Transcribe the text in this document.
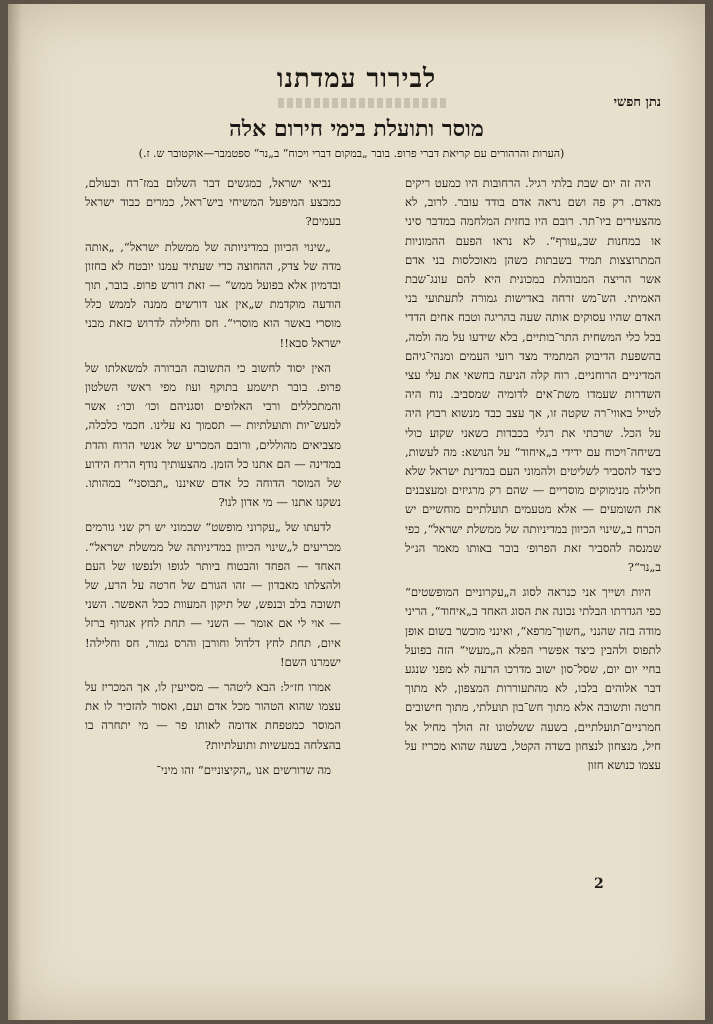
לבירור עמדתנו
נתן חפשי
מוסר ותועלת בימי חירום אלה
(הערות והרהורים עם קריאת דברי פרופ. בובר „במקום דברי ויכוח“ ב„נר“ ספטמבר—אוקטובר ש. ז.)

היה זה יום שבת בלתי רגיל. הרחובות היו כמעט ריקים מאדם. רק פה ושם נראה אדם בודד עובר. לרוב, לא מהצעירים ביו־תר. רובם היו בחזית המלחמה במדבר סיני או במחנות שב„עורף“. לא נראו הפעם ההמוניות המתרוצצות תמיד בשבתות כשהן מאוכלסות בני אדם אשר הריצה המבוהלת במכונית היא להם עונג־שבת האמיתי. הש־מש זרחה באדישות גמורה לתעתועי בני האדם שהיו עסוקים אותה שעה בהריגה וטבח אחים הדדי בכל כלי המשחית התר־בותיים, בלא שידעו על מה ולמה, בהשפעת הדיבוק המתמיד מצד רועי העמים ומנהי־גיהם המדיניים הרוחניים. רוח קלה הניעה בחשאי את עלי עצי השדרות שעמדו משת־אים לדומיה שמסביב. נוח היה לטייל באווי־רה שקטה זו, אך עצב כבד מנשוא רבוץ היה על הכל. שרכתי את רגלי בכבדות כשאני שקוע כולי בשיחה־ויכוח עם ידידי ב„איחוד“ על הנושא: מה לעשות, כיצד להסביר לשליטים ולהמוני העם במדינת ישראל שלא חלילה מנימוקים מוסריים — שהם רק מרגיזים ומעצבנים את השומעים — אלא מטעמים תועלתיים מוחשיים יש הכרח ב„שינוי הכיוון במדיניותה של ממשלת ישראל“, כפי שמנסה להסביר זאת הפרופ׳ בובר באותו מאמר הנ״ל ב„נר“?

היות ושייך אני כנראה לסוג ה„עקרוניים המופשטים“ כפי הגדרתו הבלתי נכונה את הסוג האחד ב„איחוד“, הריני מודה בזה שהנני „חשוך־מרפא“, ואינני מוכשר בשום אופן לתפוס ולהבין כיצד אפשרי הפלא ה„מעשי“ הזה בפועל בחיי יום יום, שסל־סון ישוב מדרכו הרעה לא מפני שנגע דבר אלוהים בלבו, לא מהתעוררות המצפון, לא מתוך חרטה ותשובה אלא מתוך חש־בון תועלתי, מתוך חישובים חמרניים־תועלתיים, בשעה ששלטונו זה הולך מחיל אל חיל, מנצחון לנצחון בשדה הקטל, בשעה שהוא מכריז על עצמו כנושא חזון

נביאי ישראל, כמגשים דבר השלום במז־רח ובעולם, כמבצע המיפעל המשיחי ביש־ראל, כמרים כבוד ישראל בעמים?

„שינוי הכיוון במדיניותה של ממשלת ישראל“, „אותה מדה של צדק, ההחוצה כדי שעתיד עמנו יובטח לא בחזון ובדמיון אלא בפועל ממש“ — זאת דורש פרופ. בובר, תוך הודעה מוקדמת ש„אין אנו דורשים ממנה לממש כלל מוסרי באשר הוא מוסרי“. חס וחלילה לדרוש כזאת מבני ישראל סבא!!

האין יסוד לחשוב כי התשובה הברורה למשאלתו של פרופ. בובר תישמע בתוקף ועוז מפי ראשי השלטון והמתכללים ורבי האלופים וסגניהם וכו׳ וכו׳: אשר למעש־יות ותועלתיות — תסמוך נא עלינו. חכמי כלכלה, מצביאים מהוללים, ורובם המכריע של אנשי הרוח והדת במדינה — הם אתנו כל הזמן. מהצעותיך נודף הריח הידוע של המוסר הדוחה כל אדם שאיננו „תבוסני“ במהותו. נשקנו אתנו — מי אדון לנו?

לדעתו של „עקרוני מופשט“ שכמוני יש רק שני גורמים מכריעים ל„שינוי הכיוון במדיניותה של ממשלת ישראל“. האחד — הפחד והבטוח ביותר לגופו ולנפשו של העם ולהצלתו מאבדון — זהו הגורם של חרטה על הרע, של תשובה בלב ובנפש, של תיקון המעוות ככל האפשר. השני — אוי לי אם אומר — השני — תחת לחץ אגרוף ברזל איום, תחת לחץ דלדול וחורבן והרס גמור, חס וחלילה! ישמרנו השם!

אמרו חז״ל: הבא ליטהר — מסייעין לו, אך המכריז על עצמו שהוא הטהור מכל אדם ועם, ואסור להזכיר לו את המוסר כמטפחת אדומה לאותו פר — מי יתחרה בו בהצלחה במעשיות ותועלתיות?

מה שדורשים אנו „הקיצוניים“ זהו מיני־

2
